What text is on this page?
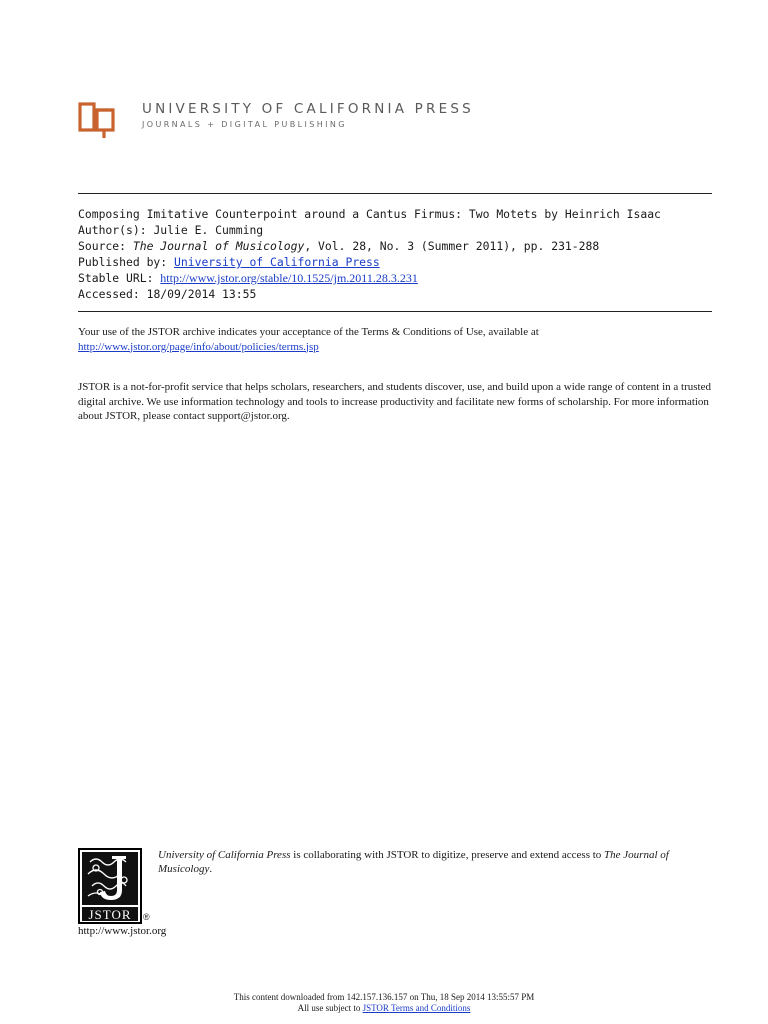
UNIVERSITY OF CALIFORNIA PRESS
JOURNALS + DIGITAL PUBLISHING
Composing Imitative Counterpoint around a Cantus Firmus: Two Motets by Heinrich Isaac
Author(s): Julie E. Cumming
Source: The Journal of Musicology, Vol. 28, No. 3 (Summer 2011), pp. 231-288
Published by: University of California Press
Stable URL: http://www.jstor.org/stable/10.1525/jm.2011.28.3.231
Accessed: 18/09/2014 13:55
Your use of the JSTOR archive indicates your acceptance of the Terms & Conditions of Use, available at
http://www.jstor.org/page/info/about/policies/terms.jsp
JSTOR is a not-for-profit service that helps scholars, researchers, and students discover, use, and build upon a wide range of content in a trusted digital archive. We use information technology and tools to increase productivity and facilitate new forms of scholarship. For more information about JSTOR, please contact support@jstor.org.
JSTOR ®
http://www.jstor.org
University of California Press is collaborating with JSTOR to digitize, preserve and extend access to The Journal of Musicology.
This content downloaded from 142.157.136.157 on Thu, 18 Sep 2014 13:55:57 PM
All use subject to JSTOR Terms and Conditions
